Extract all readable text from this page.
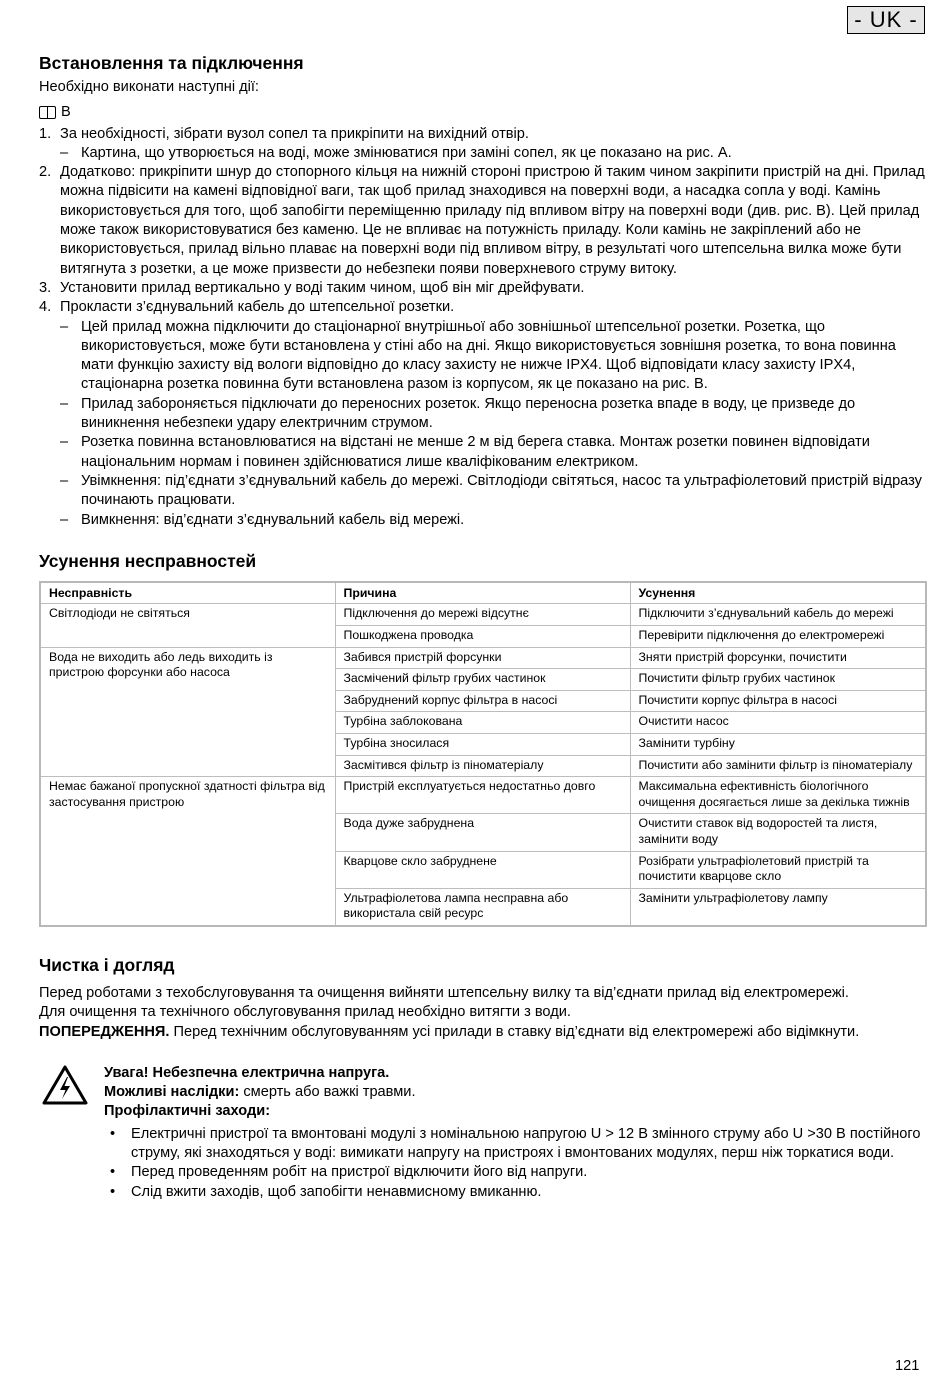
- UK -
Встановлення та підключення

Необхідно виконати наступні дії:

B
1. За необхідності, зібрати вузол сопел та прикріпити на вихідний отвір.
– Картина, що утворюється на воді, може змінюватися при заміні сопел, як це показано на рис. А.
2. Додатково: прикріпити шнур до стопорного кільця на нижній стороні пристрою й таким чином закріпити пристрій на дні. Прилад можна підвісити на камені відповідної ваги, так щоб прилад знаходився на поверхні води, а насадка сопла у воді. Камінь використовується для того, щоб запобігти переміщенню приладу під впливом вітру на поверхні води (див. рис. В). Цей прилад може також використовуватися без каменю. Це не впливає на потужність приладу. Коли камінь не закріплений або не використовується, прилад вільно плаває на поверхні води під впливом вітру, в результаті чого штепсельна вилка може бути витягнута з розетки, а це може призвести до небезпеки появи поверхневого струму витоку.
3. Установити прилад вертикально у воді таким чином, щоб він міг дрейфувати.
4. Прокласти з’єднувальний кабель до штепсельної розетки.
– Цей прилад можна підключити до стаціонарної внутрішньої або зовнішньої штепсельної розетки. Розетка, що використовується, може бути встановлена у стіні або на дні. Якщо використовується зовнішня розетка, то вона повинна мати функцію захисту від вологи відповідно до класу захисту не нижче IPX4. Щоб відповідати класу захисту IPX4, стаціонарна розетка повинна бути встановлена разом із корпусом, як це показано на рис. B.
– Прилад забороняється підключати до переносних розеток. Якщо переносна розетка впаде в воду, це призведе до виникнення небезпеки удару електричним струмом.
– Розетка повинна встановлюватися на відстані не менше 2 м від берега ставка. Монтаж розетки повинен відповідати національним нормам і повинен здійснюватися лише кваліфікованим електриком.
– Увімкнення: під’єднати з’єднувальний кабель до мережі. Світлодіоди світяться, насос та ультрафіолетовий пристрій відразу починають працювати.
– Вимкнення: від’єднати з’єднувальний кабель від мережі.
Усунення несправностей
Несправність	Причина	Усунення
Світлодіоди не світяться	Підключення до мережі відсутнє	Підключити з’єднувальний кабель до мережі
	Пошкоджена проводка	Перевірити підключення до електромережі
Вода не виходить або ледь виходить із пристрою форсунки або насоса	Забився пристрій форсунки	Зняти пристрій форсунки, почистити
	Засмічений фільтр грубих частинок	Почистити фільтр грубих частинок
	Забруднений корпус фільтра в насосі	Почистити корпус фільтра в насосі
	Турбіна заблокована	Очистити насос
	Турбіна зносилася	Замінити турбіну
	Засмітився фільтр із піноматеріалу	Почистити або замінити фільтр із піноматеріалу
Немає бажаної пропускної здатності фільтра від застосування пристрою	Пристрій експлуатується недостатньо довго	Максимальна ефективність біологічного очищення досягається лише за декілька тижнів
	Вода дуже забруднена	Очистити ставок від водоростей та листя, замінити воду
	Кварцове скло забруднене	Розібрати ультрафіолетовий пристрій та почистити кварцове скло
	Ультрафіолетова лампа несправна або використала свій ресурс	Замінити ультрафіолетову лампу
Чистка і догляд

Перед роботами з техобслуговування та очищення вийняти штепсельну вилку та від’єднати прилад від електромережі.

Для очищення та технічного обслуговування прилад необхідно витягти з води.

ПОПЕРЕДЖЕННЯ. Перед технічним обслуговуванням усі прилади в ставку від’єднати від електромережі або відімкнути.

Увага! Небезпечна електрична напруга.

Можливі наслідки: смерть або важкі травми.

Профілактичні заходи:

• Електричні пристрої та вмонтовані модулі з номінальною напругою U > 12 В змінного струму або U >30 В постійного струму, які знаходяться у воді: вимикати напругу на пристроях і вмонтованих модулях, перш ніж торкатися води.
• Перед проведенням робіт на пристрої відключити його від напруги.
• Слід вжити заходів, щоб запобігти ненавмисному вмиканню.
121
